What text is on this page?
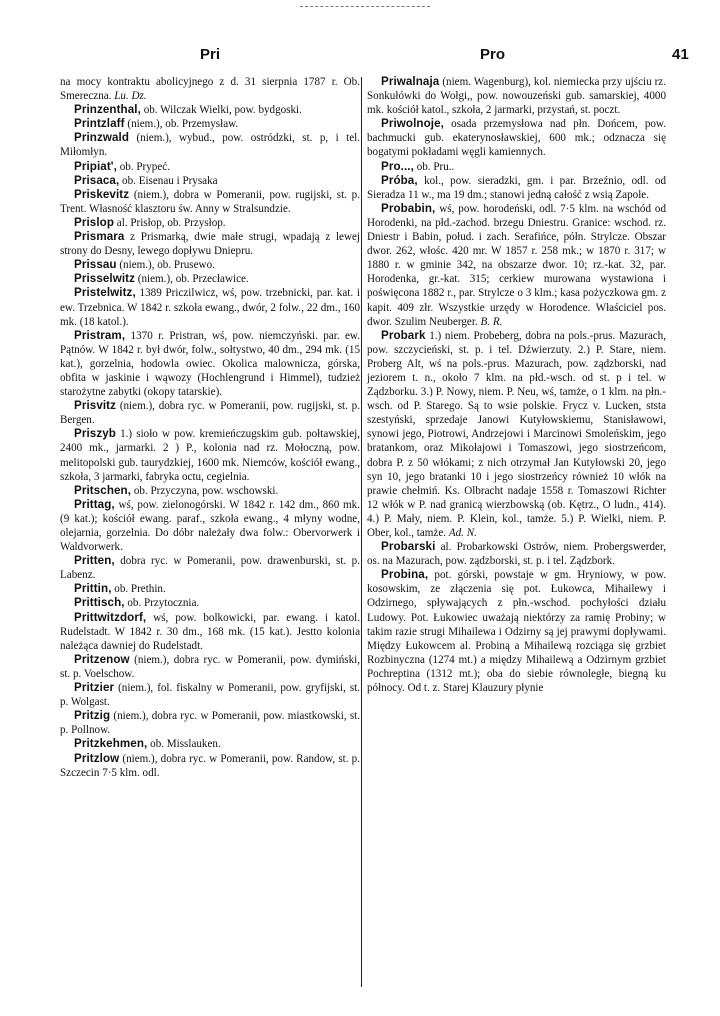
Pri	Pro	41

na mocy kontraktu abolicyjnego z d. 31 sierpnia 1787 r. Ob. Smereczna. Lu. Dz.

Prinzenthal, ob. Wilczak Wielki, pow. bydgoski.

Printzlaff (niem.), ob. Przemysław.

Prinzwald (niem.), wybud., pow. ostródzki, st. p, i tel. Miłomłyn.

Pripiat', ob. Prypeć.

Prisaca, ob. Eisenau i Prysaka

Priskevitz (niem.), dobra w Pomeranii, pow. rugijski, st. p. Trent. Własność klasztoru św. Anny w Stralsundzie.

Prislop al. Prisłop, ob. Przysłop.

Prismara z Prismarką, dwie małe strugi, wpadają z lewej strony do Desny, lewego dopływu Dniepru.

Prissau (niem.), ob. Prusewo.

Prisselwitz (niem.), ob. Przecławice.

Pristelwitz, 1389 Priczilwicz, wś, pow. trzebnicki, par. kat. i ew. Trzebnica. W 1842 r. szkoła ewang., dwór, 2 folw., 22 dm., 160 mk. (18 katol.).

Pristram, 1370 r. Pristran, wś, pow. niemczyński. par. ew. Pątnów. W 1842 r. był dwór, folw., sołtystwo, 40 dm., 294 mk. (15 kat.), gorzelnia, hodowla owiec. Okolica malownicza, górska, obfita w jaskinie i wąwozy (Hochlengrund i Himmel), tudzież starożytne zabytki (okopy tatarskie).

Prisvitz (niem.), dobra ryc. w Pomeranii, pow. rugijski, st. p. Bergen.

Priszyb 1.) sioło w pow. kremieńczugskim gub. połtawskiej, 2400 mk., jarmarki. 2 ) P., kolonia nad rz. Mołoczną, pow. melitopolski gub. taurydzkiej, 1600 mk. Niemców, kościół ewang., szkoła, 3 jarmarki, fabryka octu, cegielnia.

Pritschen, ob. Przyczyna, pow. wschowski.

Prittag, wś, pow. zielonogórski. W 1842 r. 142 dm., 860 mk. (9 kat.); kościół ewang. paraf., szkoła ewang., 4 młyny wodne, olejarnia, gorzelnia. Do dóbr należały dwa folw.: Obervorwerk i Waldvorwerk.

Pritten, dobra ryc. w Pomeranii, pow. drawenburski, st. p. Labenz.

Prittin, ob. Prethin.

Prittisch, ob. Przytocznia.

Prittwitzdorf, wś, pow. bolkowicki, par. ewang. i katol. Rudelstadt. W 1842 r. 30 dm., 168 mk. (15 kat.). Jestto kolonia należąca dawniej do Rudelstadt.

Pritzenow (niem.), dobra ryc. w Pomeranii, pow. dymiński, st. p. Voelschow.

Pritzier (niem.), fol. fiskalny w Pomeranii, pow. gryfijski, st. p. Wolgast.

Pritzig (niem.), dobra ryc. w Pomeranii, pow. miastkowski, st. p. Pollnow.

Pritzkehmen, ob. Misslauken.

Pritzlow (niem.), dobra ryc. w Pomeranii, pow. Randow, st. p. Szczecin 7·5 klm. odl.

Priwalnaja (niem. Wagenburg), kol. niemiecka przy ujściu rz. Sonkułówki do Wołgi,, pow. nowouzeński gub. samarskiej, 4000 mk. kościół katol., szkoła, 2 jarmarki, przystań, st. poczt.

Priwolnoje, osada przemysłowa nad płn. Dońcem, pow. bachmucki gub. ekaterynosławskiej, 600 mk.; odznacza się bogatymi pokładami węgli kamiennych.

Pro..., ob. Pru..

Próba, kol., pow. sieradzki, gm. i par. Brzeźnio, odl. od Sieradza 11 w., ma 19 dm.; stanowi jedną całość z wsią Zapole.

Probabin, wś, pow. horodeński, odl. 7·5 klm. na wschód od Horodenki, na płd.-zachod. brzegu Dniestru. Granice: wschod. rz. Dniestr i Babin, połud. i zach. Serafińce, półn. Strylcze. Obszar dwor. 262, włośc. 420 mr. W 1857 r. 258 mk.; w 1870 r. 317; w 1880 r. w gminie 342, na obszarze dwor. 10; rz.-kat. 32, par. Horodenka, gr.-kat. 315; cerkiew murowana wystawiona i poświęcona 1882 r., par. Strylcze o 3 klm.; kasa pożyczkowa gm. z kapit. 409 złr. Wszystkie urzędy w Horodence. Właściciel pos. dwor. Szulim Neuberger. B. R.

Probark 1.) niem. Probeberg, dobra na pols.-prus. Mazurach, pow. szczycieński, st. p. i tel. Dźwierzuty. 2.) P. Stare, niem. Proberg Alt, wś na pols.-prus. Mazurach, pow. ządzborski, nad jeziorem t. n., około 7 klm. na płd.-wsch. od st. p i tel. w Ządzborku. 3.) P. Nowy, niem. P. Neu, wś, tamże, o 1 klm. na płn.-wsch. od P. Starego. Są to wsie polskie. Frycz v. Lucken, ststa szestyński, sprzedaje Janowi Kutyłowskiemu, Stanisławowi, synowi jego, Piotrowi, Andrzejowi i Marcinowi Smoleńskim, jego bratankom, oraz Mikołajowi i Tomaszowi, jego siostrzeńcom, dobra P. z 50 włókami; z nich otrzymał Jan Kutyłowski 20, jego syn 10, jego bratanki 10 i jego siostrzeńcy również 10 włók na prawie chełmiń. Ks. Olbracht nadaje 1558 r. Tomaszowi Richter 12 włók w P. nad granicą wierzbowską (ob. Kętrz., O ludn., 414). 4.) P. Mały, niem. P. Klein, kol., tamże. 5.) P. Wielki, niem. P. Ober, kol., tamże. Ad. N.

Probarski al. Probarkowski Ostrów, niem. Probergswerder, os. na Mazurach, pow. ządzborski, st. p. i tel. Ządzbork.

Probina, pot. górski, powstaje w gm. Hryniowy, w pow. kosowskim, ze złączenia się pot. Łukowca, Mihailewy i Odzirnego, spływających z płn.-wschod. pochyłości działu Ludowy. Pot. Łukowiec uważają niektórzy za ramię Probiny; w takim razie strugi Mihailewa i Odzirny są jej prawymi dopływami. Między Łukowcem al. Probiną a Mihailewą rozciąga się grzbiet Rozbinyczna (1274 mt.) a między Mihailewą a Odzirnym grzbiet Pochreptina (1312 mt.); oba do siebie równoległe, biegną ku północy. Od t. z. Starej Klauzury płynie
